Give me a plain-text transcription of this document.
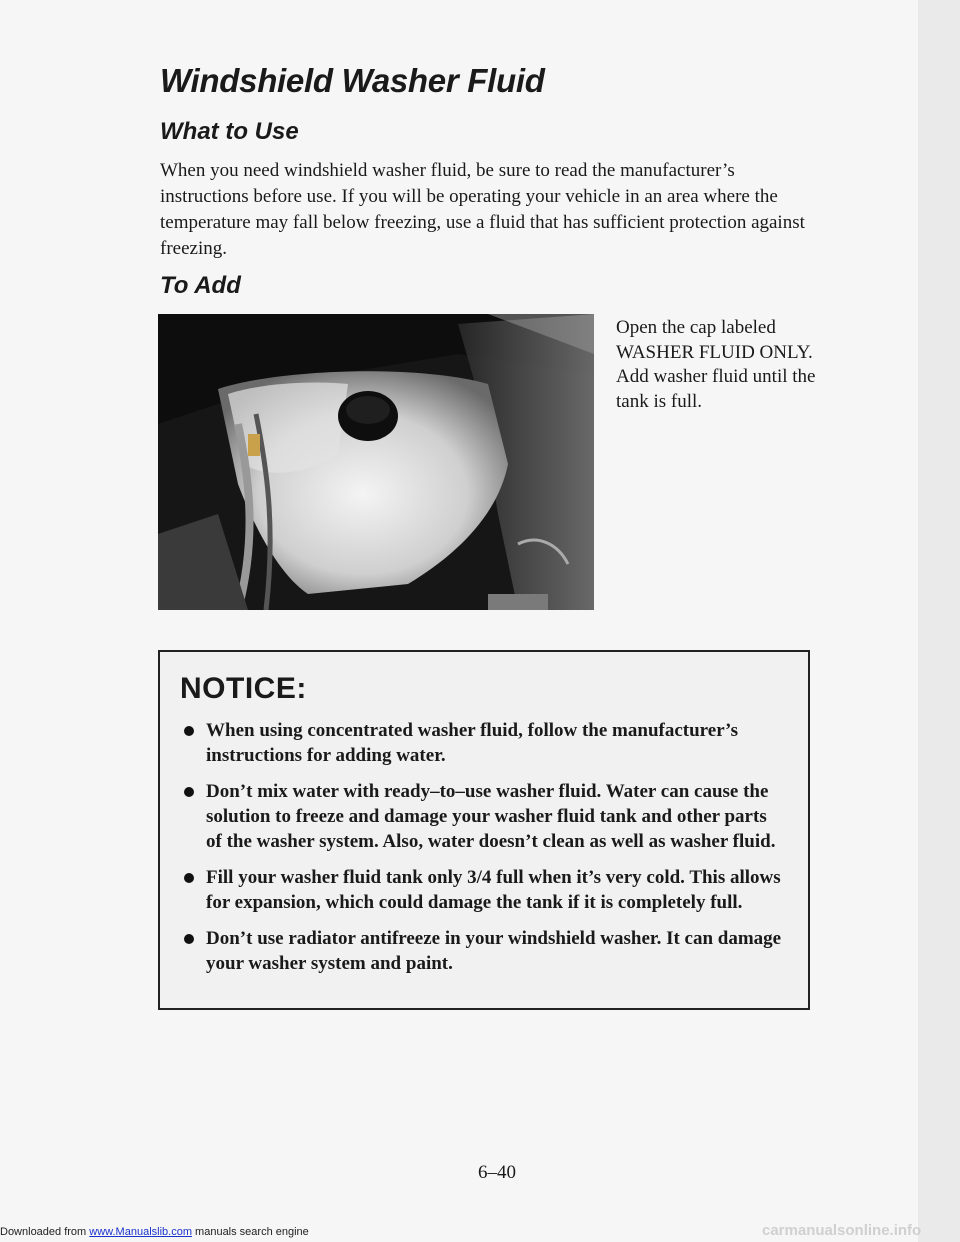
Windshield Washer Fluid
What to Use

When you need windshield washer fluid, be sure to read the manufacturer’s instructions before use. If you will be operating your vehicle in an area where the temperature may fall below freezing, use a fluid that has sufficient protection against freezing.

To Add

Open the cap labeled WASHER FLUID ONLY. Add washer fluid until the tank is full.

NOTICE:
When using concentrated washer fluid, follow the manufacturer’s instructions for adding water.
Don’t mix water with ready–to–use washer fluid. Water can cause the solution to freeze and damage your washer fluid tank and other parts of the washer system. Also, water doesn’t clean as well as washer fluid.
Fill your washer fluid tank only 3/4 full when it’s very cold. This allows for expansion, which could damage the tank if it is completely full.
Don’t use radiator antifreeze in your windshield washer. It can damage your washer system and paint.

6–40

Downloaded from www.Manualslib.com manuals search engine	carmanualsonline.info
